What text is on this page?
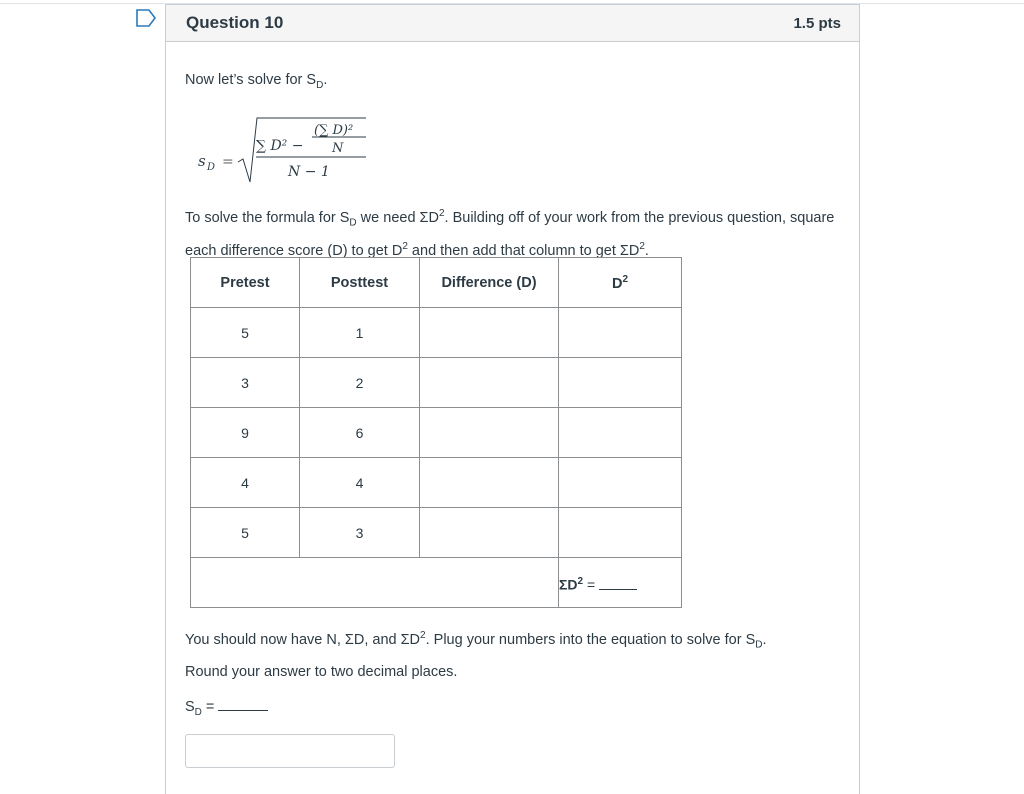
Question 10	1.5 pts
Now let’s solve for $S_D$.
s D =
∑ D² −
(∑ D)²
N
N − 1
To solve the formula for $S_D$ we need $\Sigma D^2$. Building off of your work from the previous question, square each difference score (D) to get $D^2$ and then add that column to get $\Sigma D^2$.
Pretest	Posttest	Difference (D)	$D^2$
5	1		
3	2		
9	6		
4	4		
5	3		
			$\Sigma D^2$ =
You should now have N, ΣD, and $\Sigma D^2$. Plug your numbers into the equation to solve for $S_D$.
Round your answer to two decimal places.
$S_D$ =
